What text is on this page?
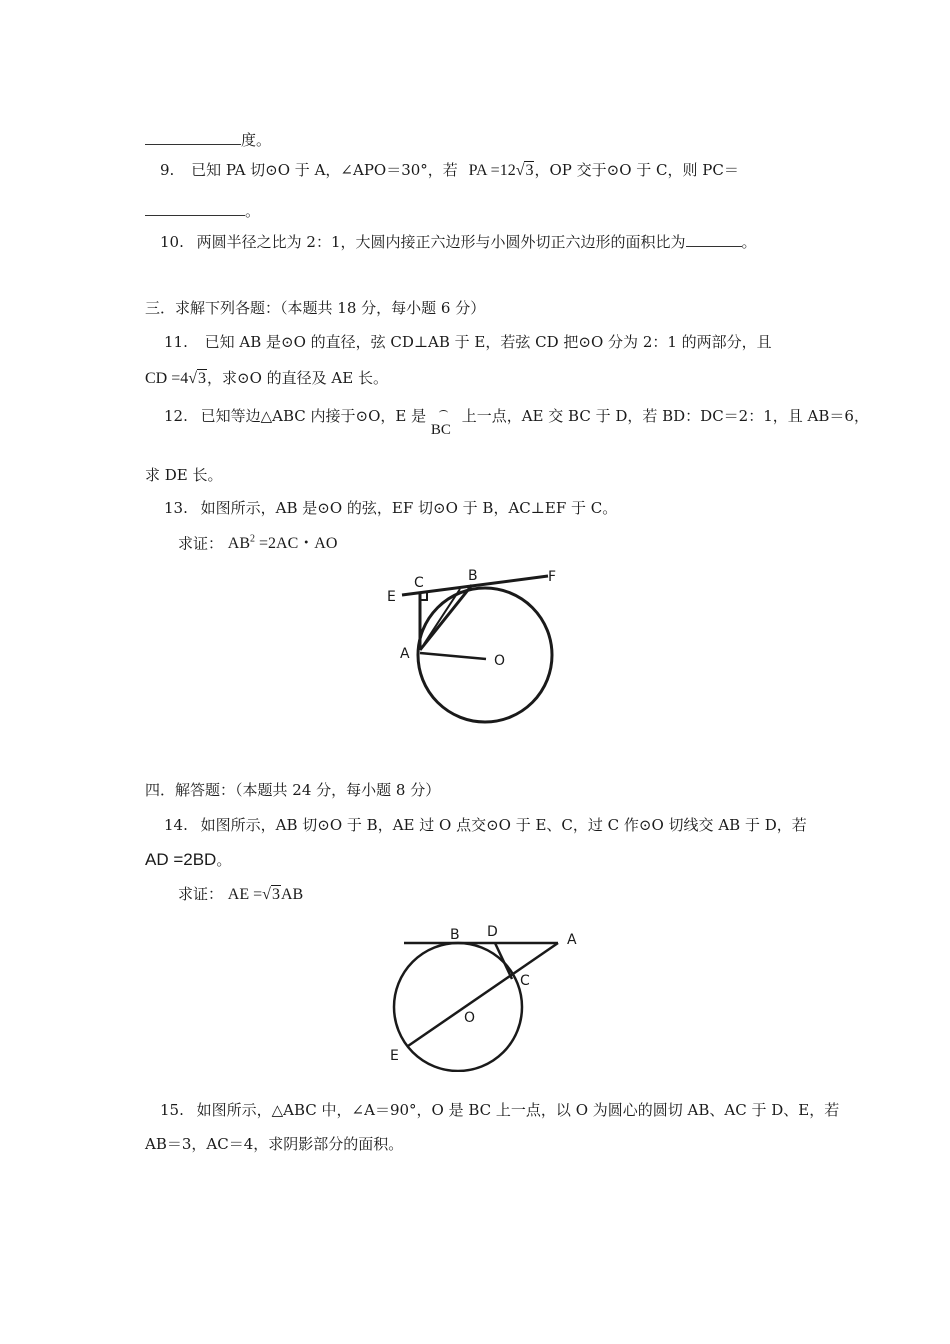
度。
9. 已知 PA 切⊙O 于 A，∠APO＝30°，若 PA =12√3，OP 交于⊙O 于 C，则 PC＝
。
10. 两圆半径之比为 2：1，大圆内接正六边形与小圆外切正六边形的面积比为	。
三．求解下列各题：（本题共 18 分，每小题 6 分）
11. 已知 AB 是⊙O 的直径，弦 CD⊥AB 于 E，若弦 CD 把⊙O 分为 2：1 的两部分，且
CD =4√3，求⊙O 的直径及 AE 长。
12. 已知等边△ABC 内接于⊙O，E 是
BC
上一点，AE 交 BC 于 D，若 BD：DC＝2：1，且 AB＝6，
求 DE 长。
13. 如图所示，AB 是⊙O 的弦，EF 切⊙O 于 B，AC⊥EF 于 C。
求证： $AB^2 =2AC$・AO
E
C	B	F
A	O
四．解答题：（本题共 24 分，每小题 8 分）
14. 如图所示，AB 切⊙O 于 B，AE 过 O 点交⊙O 于 E、C，过 C 作⊙O 切线交 AB 于 D，若
AD =2BD。
求证： AE =√3AB
B D	A
C
O
E
15. 如图所示，△ABC 中，∠A＝90°，O 是 BC 上一点，以 O 为圆心的圆切 AB、AC 于 D、E，若
AB＝3，AC＝4，求阴影部分的面积。
